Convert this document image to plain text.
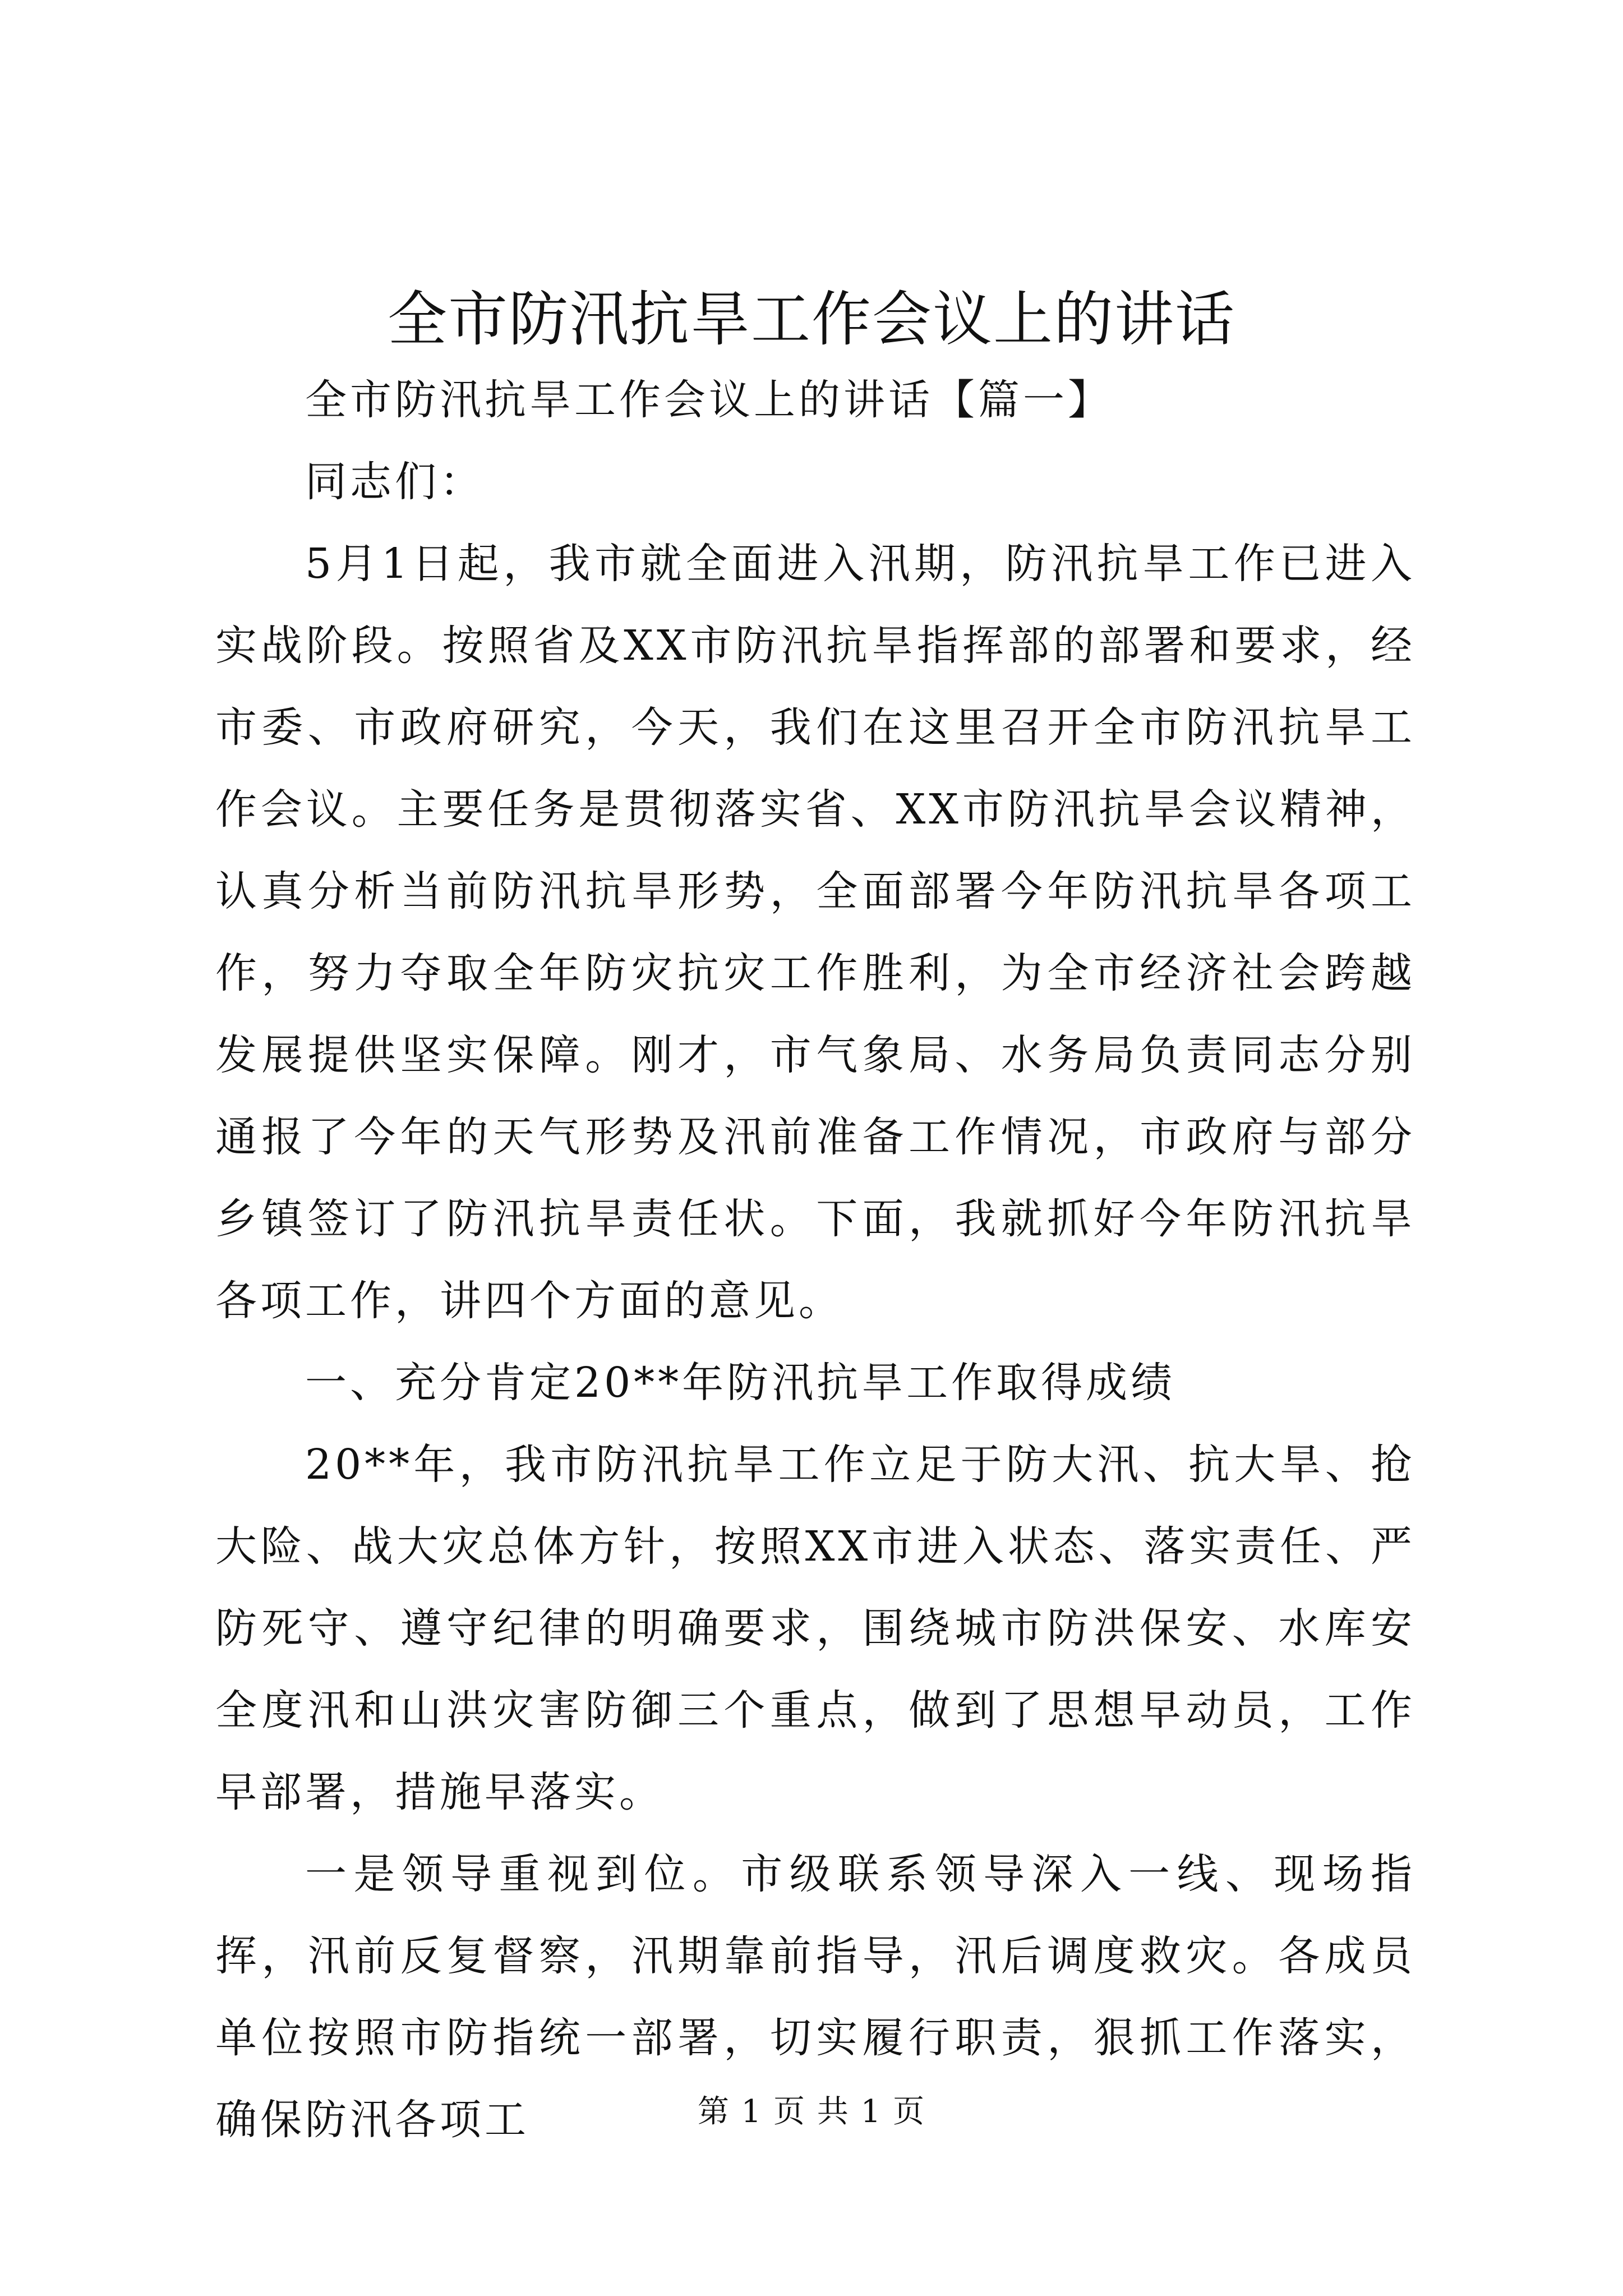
全市防汛抗旱工作会议上的讲话

全市防汛抗旱工作会议上的讲话【篇一】

同志们：

5月1日起，我市就全面进入汛期，防汛抗旱工作已进入实战阶段。按照省及XX市防汛抗旱指挥部的部署和要求，经市委、市政府研究，今天，我们在这里召开全市防汛抗旱工作会议。主要任务是贯彻落实省、XX市防汛抗旱会议精神，认真分析当前防汛抗旱形势，全面部署今年防汛抗旱各项工作，努力夺取全年防灾抗灾工作胜利，为全市经济社会跨越发展提供坚实保障。刚才，市气象局、水务局负责同志分别通报了今年的天气形势及汛前准备工作情况，市政府与部分乡镇签订了防汛抗旱责任状。下面，我就抓好今年防汛抗旱各项工作，讲四个方面的意见。

一、充分肯定20**年防汛抗旱工作取得成绩

20**年，我市防汛抗旱工作立足于防大汛、抗大旱、抢大险、战大灾总体方针，按照XX市进入状态、落实责任、严防死守、遵守纪律的明确要求，围绕城市防洪保安、水库安全度汛和山洪灾害防御三个重点，做到了思想早动员，工作早部署，措施早落实。

一是领导重视到位。市级联系领导深入一线、现场指挥，汛前反复督察，汛期靠前指导，汛后调度救灾。各成员单位按照市防指统一部署，切实履行职责，狠抓工作落实，确保防汛各项工	第 1 页 共 1 页
